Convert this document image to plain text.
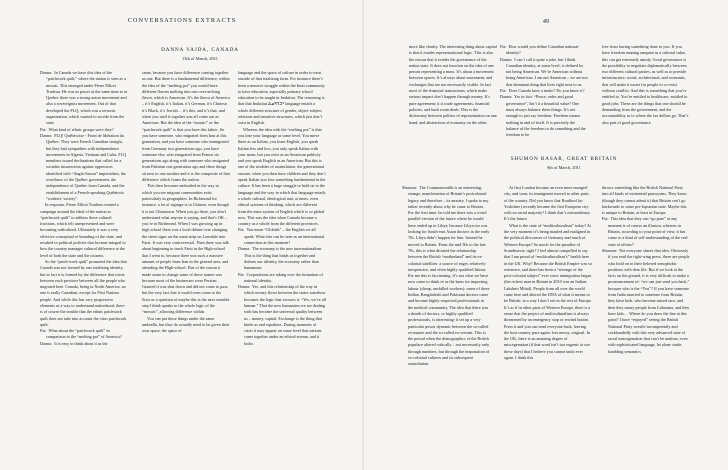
CONVERSATIONS EXTRACTS
DANNA VAJDA, CANADA
13th of March, 2011

Danna:  In Canada we have this idea of the “patchwork quilt,” where the nation is seen as a mosaic. This emerged under Pierre Elliott Trudeau. He was in power at the same time as in Quebec there was a strong union movement and also a sovereignist movement. Out of that developed the FLQ, which was a terrorist organization, which wanted to secede from the state.

Fia:  What kind of ethnic groups were they?

Danna:  FLQ! Québécoise - Front de libération du Québec. They were French Canadian straight, but they had sympathies with independence movements in Algeria, Vietnam and Cuba. FLQ members issued declarations that called for a socialist insurrection against oppressors identified with “Anglo-Saxon” imperialism, the overthrow of the Québec government, the independence of Quebec from Canada, and the establishment of a French-speaking Québécois “workers’ society”.

In response, Pierre Elliott Trudeau created a campaign around the ideal of the nation as “patchwork quilt” to address these cultural fractions, which felt unrepresented and were becoming radicalized. Ultimately it was a very effective conceptual re-branding of the state, and resulted in political policies that became integral to how the country manages cultural difference at the level of both the state and the citizens.

So the “patch-work quilt” promoted the idea that Canada was not formed by one totalizing identity, but in fact it is formed by the difference that exists between each province between all the people who migrated here. Canada, being in North America, no one is really Canadian, except for First Nations people. And while this has very progressive elements as a way to understand nationhood, there is of course the trouble that the ethnic patchwork quilt does not take into account the class patchwork quilt.

Fia:  What about the “patchwork quilt” in comparison to the “melting pot” of America?

Danna:  It is easy to think about it as the

same, because you have difference coming together as one. But there is a fundamental difference, within the idea of the “melting pot” you would have different flavors melting into one over-arching flavor, which is American. It’s the flavor of America – it’s English, it’s Italian, it’s German, it’s Chinese, it’s Black, it’s Jewish… it’s this, and it’s that, and when you stuff it together you all come out as American. But the idea of the “mosaic” or the “patchwork quilt” is that you have this fabric. So you have someone, who migrated from Iran at this generation, and you have someone who immigrated from Germany two generations ago, you have someone else, who emigrated from France six generations ago along with someone who emigrated from Pakistan one generation ago and these things sit next to one another and it is the composite of that difference which forms the nation.

This then becomes embodied in the way in which you see migrant communities exist particularly in geographies. In Richmond for instance, a lot of signage is in Chinese, even though it is not Chinatown. When you go there, you don’t understand what anyone is saying, and that’s OK – you’re in Richmond. When I was growing up in high school there was a local debate over changing the street signs on the main strip on Lonsdale into Farsi. It was very controversial. Then there was talk about beginning to teach Farsi in the High-school that I went to, because there was such a massive amount of people from Iran in the general area, and attending the High-school. Part of the reason it made sense to change some of those names was because most of the businesses were Persian. Granted it was shut down and did not come to pass, but the very fact that it would even come to the floor as a question of maybe this is the next sensible step I think speaks to the whole logic of the “mosaic”, allowing difference within.

You can put these things under the same umbrella, but they do actually need to be given their own space, the space of

language and the space of culture in order to exist outside of that totalizing form. For instance there’s been a massive struggle within the Inuit community to have education, especially primary school education to be taught in Inuktitut. The reasoning is that that Inuktitut ᐃᓄᒃᑎᑐᑦ language entails a whole different structure of gender, object-subject relations and narrative structures, which just don’t exist in English.

Whereas the idea with the “melting pot” is that you lose your language at some level. You move there as an Italian, you learn English, you speak Italian less and less, you only speak Italian with your mom, but you exist as an American publicly and you speak English as an American. But this is one of the troubles of assimilation, the generational erasure, when you then have children and they don’t speak Italian you lose something fundamental in the culture. It has been a huge struggle to hold on to the language and the way in which that language entails a whole cultural, ideological and, at times, even ethical systems of thinking, which are different from the mass system of English which is so global now. This was the idea when Canada became a country as a whole from the different provinces.

Fia:  You mean “Globish” – the English we all speak. What else can be seen as an international connection at this moment?

Danna:  The economy is the new internationalism. This is the thing that binds us together and defines our identity, the economy rather than humanism.

Fia:  Corporations are taking over the formation of national identity.

Danna:  Yes, and this relationship of the way in which money flows between the states somehow becomes the logic that excuses it. “Yes, we’re all human.” That the new humanism we are dealing with has become the universal quality between us – money, capital. Exchange is the thing that binds us and equalizes. During moments of crisis it may appear on some level that nations come together under an ethical stream, and it looks

49

more like charity. The interesting thing about capital is that it evades representational logic. This is also the reason that it evades the governance of the nation state. It does not function on the idea of one person representing a mass. It’s about a movement between spaces. It’s always about movement, and exchanges that are not necessarily visible. In fact most of the financial transactions, which make serious impact don’t happen through money. It’s pure agreement; it is trade agreements, financial policies, and back room deals. This is the dichotomy between politics of representation on one hand, and abstraction of economy on the other.

Fia:  How would you define Canadian national identity?

Danna:  I can’t call it quite a joke, but I think Canadian identity, at some level, is defined by not being American. We’re American without being American. I am not American – we are not that dominant thing that lives right next to us.

Fia:  Does Canada have a motto? Do you know it?

Danna:  Yes in fact: “Peace, order and good governance”, Isn’t it a beautiful value? One must always balance these things. It’s not enough to just say freedom. Freedom means nothing in and of itself. It is precisely the balance of the freedom to do something and the freedom to be

free from having something done to you. If you have freedom running rampant as a cultural value, this can get extremely unruly. Good governance is the possibility to negotiate diplomatically between two different cultural parties, as well as to provide infrastructure: social, architectural, and economic, that will make it easier for people to co-exist without conflict. And this is something that you’re entitled to. You’re entitled to healthcare, entitled to good jobs. These are the things that one should be demanding from the government, and the accountability as to where the tax dollars go. That’s also part of good governance.

SHUMON BASAR, GREAT BRITAIN
9th of March, 2011

Shumon:  The Commonwealth is an interesting, strange, manifestation of Britain’s postcolonial legacy and therefore – its anxiety. I spoke to my father recently about why he came to Britain. For the first time, he told me there was a weird parallel version of the future where he would have ended up in Libya, because Libya too was looking for South-east Asian doctors in the early 70s. Libya didn’t happen for him. Instead he moved to Britain. From the mid 50s to the late 70s, this is what dictated the relationship between the British “motherland” and its ex-colonial satellites: a source of eager, relatively inexpensive, and often highly qualified labour. For me this is fascinating. It’s not what we have now come to think of as the basis for importing labour (cheap, unskilled workers): some of these Indian, Bangladeshi and Pakistani doctors came and became highly respected professionals in the medical community. The idea that there was a dearth of doctors, or highly qualified professionals, is interesting: it set up a very particular power dynamic between the so-called ex-master and the so-called ex-servant. This is the period when the demographics of the British populace altered critically – not necessarily only through numbers, but through the importation of ex-colonial cultures and its subsequent assimilation.

At first London became an even more mongrel city, and soon, its immigrants moved to other parts of the country. Did you know that Bradford (in Yorkshire) recently became the first European city with no racial majority? I think that’s extraordinary. It’s the future.

What is the state of “multiculturalism” today? At the very moment it’s being mauled and maligned in the political discourses of Germany and much of Western Europe? So much for the paradise of Scandinavia, right? I feel almost compelled to say that I am proud of “multiculturalism’s” health here in the UK. Why? Because the British Empire was so extensive, and there has been a “revenge of the post-colonial subject” ever since immigration began (the richest man in Britain in 2010 was an Indian: Lakshmi Mittal). People from all over the world came here and altered the DNA of what it means to be British, in a way I don’t see in the rest of Europe. It’s as if in other parts of Western Europe, there is a sense that the project of multiculturalism is always threatened by an emergency stop or rewind button. Press it and you can send everyone back, leaving the host country pure again: less messy, original. In the UK, there is an amazing degree of miscegenation (if that word isn’t too eugenic to use these days) that I believe you cannot undo ever again. I think this

throws something like the British National Party into all kinds of existential paroxysms. They know (though they cannot admit it) that Britain can’t go backwards to some pre-lapsarian state. Maybe this is unique to Britain, at least in Europe.

Fia:  This idea that they can “go pure” at any moment is of course an illusion, whereas in Britain, according to your point of view, it has come to a kind of self-understanding of the real state of affairs?

Shumon:  Not everyone shares that idea. Obviously if you read the right-wing press, there are people who hold on to their beloved xenophobic positions with dear life. But if we look at the facts on the ground, it is very difficult to make a pronouncement of: “we can just send you back,” because who is the “You”? If you have someone from India married to someone from Britain, they have kids, who become mixed race, and then they marry people from Lithuania, and they have kids… Where do you draw the line at this point? I have “enjoyed” seeing the British National Party wrestle incompetently and cackhandedly with this very advanced state of racial miscegenation that can’t be undone, even with sophisticated language, let alone crude, fumbling semantics.
